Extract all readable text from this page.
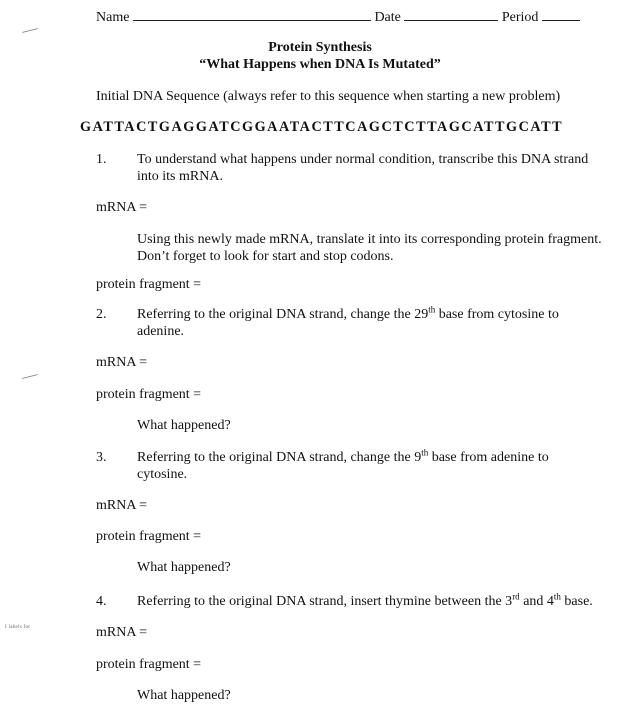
I labels for
Name	Date	Period
Protein Synthesis
“What Happens when DNA Is Mutated”
Initial DNA Sequence (always refer to this sequence when starting a new problem)
GATTACTGAGGATCGGAATACTTCAGCTCTTAGCATTGCATT
1. To understand what happens under normal condition, transcribe this DNA strand
into its mRNA.
mRNA =
Using this newly made mRNA, translate it into its corresponding protein fragment.
Don’t forget to look for start and stop codons.
protein fragment =
2. Referring to the original DNA strand, change the 29th base from cytosine to
adenine.
mRNA =
protein fragment =
What happened?
3. Referring to the original DNA strand, change the 9th base from adenine to
cytosine.
mRNA =
protein fragment =
What happened?
4. Referring to the original DNA strand, insert thymine between the 3rd and 4th base.
mRNA =
protein fragment =
What happened?
